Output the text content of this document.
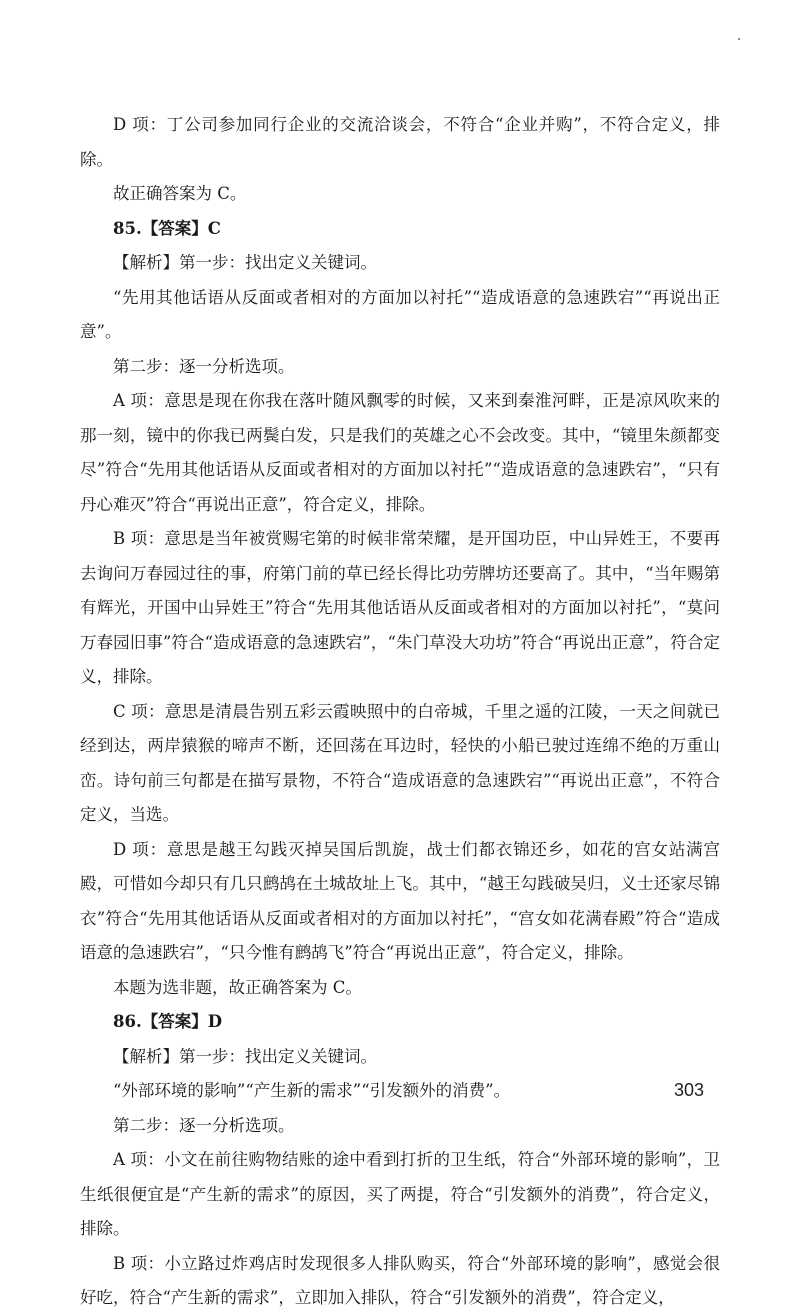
D 项：丁公司参加同行企业的交流洽谈会，不符合“企业并购”，不符合定义，排除。

故正确答案为 C。

85.【答案】C

【解析】第一步：找出定义关键词。

“先用其他话语从反面或者相对的方面加以衬托”“造成语意的急速跌宕”“再说出正意”。

第二步：逐一分析选项。

A 项：意思是现在你我在落叶随风飘零的时候，又来到秦淮河畔，正是凉风吹来的那一刻，镜中的你我已两鬓白发，只是我们的英雄之心不会改变。其中，“镜里朱颜都变尽”符合“先用其他话语从反面或者相对的方面加以衬托”“造成语意的急速跌宕”，“只有丹心难灭”符合“再说出正意”，符合定义，排除。

B 项：意思是当年被赏赐宅第的时候非常荣耀，是开国功臣，中山异姓王，不要再去询问万春园过往的事，府第门前的草已经长得比功劳牌坊还要高了。其中，“当年赐第有辉光，开国中山异姓王”符合“先用其他话语从反面或者相对的方面加以衬托”，“莫问万春园旧事”符合“造成语意的急速跌宕”，“朱门草没大功坊”符合“再说出正意”，符合定义，排除。

C 项：意思是清晨告别五彩云霞映照中的白帝城，千里之遥的江陵，一天之间就已经到达，两岸猿猴的啼声不断，还回荡在耳边时，轻快的小船已驶过连绵不绝的万重山峦。诗句前三句都是在描写景物，不符合“造成语意的急速跌宕”“再说出正意”，不符合定义，当选。

D 项：意思是越王勾践灭掉吴国后凯旋，战士们都衣锦还乡，如花的宫女站满宫殿，可惜如今却只有几只鹧鸪在土城故址上飞。其中，“越王勾践破吴归，义士还家尽锦衣”符合“先用其他话语从反面或者相对的方面加以衬托”，“宫女如花满春殿”符合“造成语意的急速跌宕”，“只今惟有鹧鸪飞”符合“再说出正意”，符合定义，排除。

本题为选非题，故正确答案为 C。

86.【答案】D

【解析】第一步：找出定义关键词。

“外部环境的影响”“产生新的需求”“引发额外的消费”。

第二步：逐一分析选项。

A 项：小文在前往购物结账的途中看到打折的卫生纸，符合“外部环境的影响”，卫生纸很便宜是“产生新的需求”的原因，买了两提，符合“引发额外的消费”，符合定义，排除。

B 项：小立路过炸鸡店时发现很多人排队购买，符合“外部环境的影响”，感觉会很好吃，符合“产生新的需求”，立即加入排队，符合“引发额外的消费”，符合定义，

303
